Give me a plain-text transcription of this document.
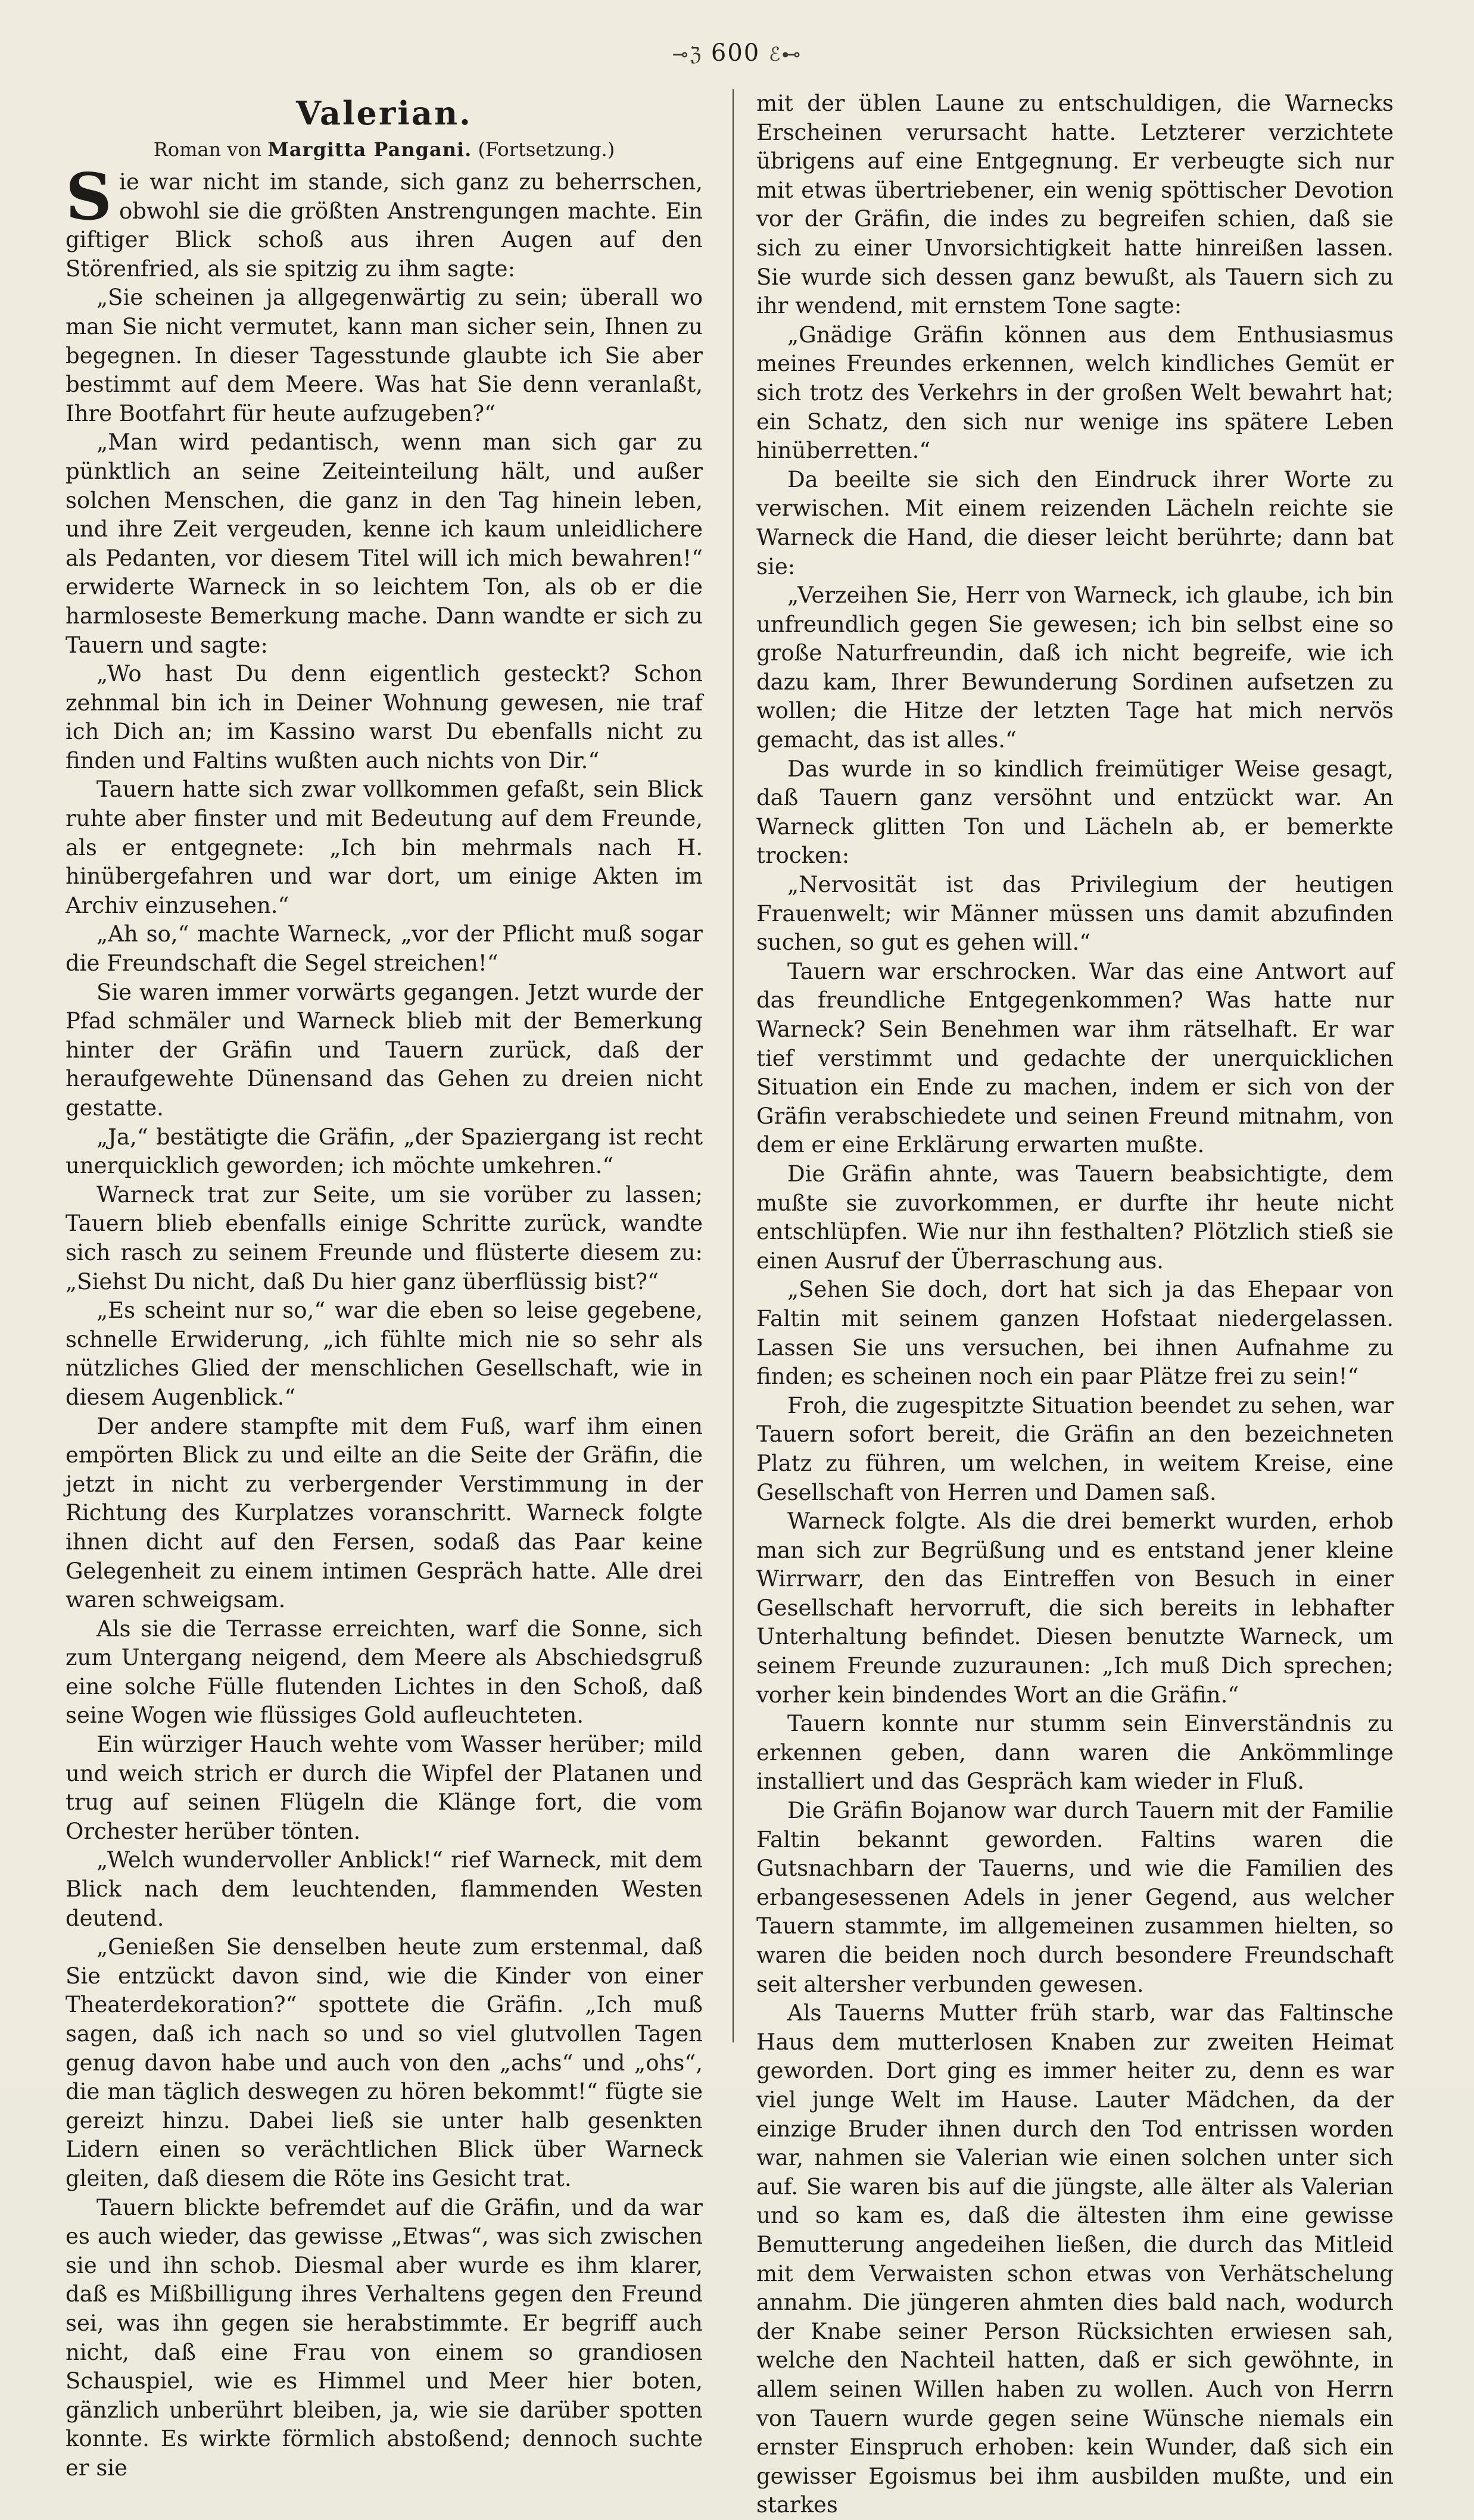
⊸ℨ 600 ℰ⊷
Valerian.
Roman von Margitta Pangani. (Fortsetzung.)

Sie war nicht im stande, sich ganz zu beherrschen, obwohl sie die größten Anstrengungen machte. Ein giftiger Blick schoß aus ihren Augen auf den Störenfried, als sie spitzig zu ihm sagte:

„Sie scheinen ja allgegenwärtig zu sein; überall wo man Sie nicht vermutet, kann man sicher sein, Ihnen zu begegnen. In dieser Tagesstunde glaubte ich Sie aber bestimmt auf dem Meere. Was hat Sie denn veranlaßt, Ihre Bootfahrt für heute aufzugeben?“

„Man wird pedantisch, wenn man sich gar zu pünktlich an seine Zeiteinteilung hält, und außer solchen Menschen, die ganz in den Tag hinein leben, und ihre Zeit vergeuden, kenne ich kaum unleidlichere als Pedanten, vor diesem Titel will ich mich bewahren!“ erwiderte Warneck in so leichtem Ton, als ob er die harmloseste Bemerkung mache. Dann wandte er sich zu Tauern und sagte:

„Wo hast Du denn eigentlich gesteckt? Schon zehnmal bin ich in Deiner Wohnung gewesen, nie traf ich Dich an; im Kassino warst Du ebenfalls nicht zu finden und Faltins wußten auch nichts von Dir.“

Tauern hatte sich zwar vollkommen gefaßt, sein Blick ruhte aber finster und mit Bedeutung auf dem Freunde, als er entgegnete: „Ich bin mehrmals nach H. hinübergefahren und war dort, um einige Akten im Archiv einzusehen.“

„Ah so,“ machte Warneck, „vor der Pflicht muß sogar die Freundschaft die Segel streichen!“

Sie waren immer vorwärts gegangen. Jetzt wurde der Pfad schmäler und Warneck blieb mit der Bemerkung hinter der Gräfin und Tauern zurück, daß der heraufgewehte Dünensand das Gehen zu dreien nicht gestatte.

„Ja,“ bestätigte die Gräfin, „der Spaziergang ist recht unerquicklich geworden; ich möchte umkehren.“

Warneck trat zur Seite, um sie vorüber zu lassen; Tauern blieb ebenfalls einige Schritte zurück, wandte sich rasch zu seinem Freunde und flüsterte diesem zu: „Siehst Du nicht, daß Du hier ganz überflüssig bist?“

„Es scheint nur so,“ war die eben so leise gegebene, schnelle Erwiderung, „ich fühlte mich nie so sehr als nützliches Glied der menschlichen Gesellschaft, wie in diesem Augenblick.“

Der andere stampfte mit dem Fuß, warf ihm einen empörten Blick zu und eilte an die Seite der Gräfin, die jetzt in nicht zu verbergender Verstimmung in der Richtung des Kurplatzes voranschritt. Warneck folgte ihnen dicht auf den Fersen, sodaß das Paar keine Gelegenheit zu einem intimen Gespräch hatte. Alle drei waren schweigsam.

Als sie die Terrasse erreichten, warf die Sonne, sich zum Untergang neigend, dem Meere als Abschiedsgruß eine solche Fülle flutenden Lichtes in den Schoß, daß seine Wogen wie flüssiges Gold aufleuchteten.

Ein würziger Hauch wehte vom Wasser herüber; mild und weich strich er durch die Wipfel der Platanen und trug auf seinen Flügeln die Klänge fort, die vom Orchester herüber tönten.

„Welch wundervoller Anblick!“ rief Warneck, mit dem Blick nach dem leuchtenden, flammenden Westen deutend.

„Genießen Sie denselben heute zum erstenmal, daß Sie entzückt davon sind, wie die Kinder von einer Theaterdekoration?“ spottete die Gräfin. „Ich muß sagen, daß ich nach so und so viel glutvollen Tagen genug davon habe und auch von den „achs“ und „ohs“, die man täglich deswegen zu hören bekommt!“ fügte sie gereizt hinzu. Dabei ließ sie unter halb gesenkten Lidern einen so verächtlichen Blick über Warneck gleiten, daß diesem die Röte ins Gesicht trat.

Tauern blickte befremdet auf die Gräfin, und da war es auch wieder, das gewisse „Etwas“, was sich zwischen sie und ihn schob. Diesmal aber wurde es ihm klarer, daß es Mißbilligung ihres Verhaltens gegen den Freund sei, was ihn gegen sie herabstimmte. Er begriff auch nicht, daß eine Frau von einem so grandiosen Schauspiel, wie es Himmel und Meer hier boten, gänzlich unberührt bleiben, ja, wie sie darüber spotten konnte. Es wirkte förmlich abstoßend; dennoch suchte er sie

mit der üblen Laune zu entschuldigen, die Warnecks Erscheinen verursacht hatte. Letzterer verzichtete übrigens auf eine Entgegnung. Er verbeugte sich nur mit etwas übertriebener, ein wenig spöttischer Devotion vor der Gräfin, die indes zu begreifen schien, daß sie sich zu einer Unvorsichtigkeit hatte hinreißen lassen. Sie wurde sich dessen ganz bewußt, als Tauern sich zu ihr wendend, mit ernstem Tone sagte:

„Gnädige Gräfin können aus dem Enthusiasmus meines Freundes erkennen, welch kindliches Gemüt er sich trotz des Verkehrs in der großen Welt bewahrt hat; ein Schatz, den sich nur wenige ins spätere Leben hinüberretten.“

Da beeilte sie sich den Eindruck ihrer Worte zu verwischen. Mit einem reizenden Lächeln reichte sie Warneck die Hand, die dieser leicht berührte; dann bat sie:

„Verzeihen Sie, Herr von Warneck, ich glaube, ich bin unfreundlich gegen Sie gewesen; ich bin selbst eine so große Naturfreundin, daß ich nicht begreife, wie ich dazu kam, Ihrer Bewunderung Sordinen aufsetzen zu wollen; die Hitze der letzten Tage hat mich nervös gemacht, das ist alles.“

Das wurde in so kindlich freimütiger Weise gesagt, daß Tauern ganz versöhnt und entzückt war. An Warneck glitten Ton und Lächeln ab, er bemerkte trocken:

„Nervosität ist das Privilegium der heutigen Frauenwelt; wir Männer müssen uns damit abzufinden suchen, so gut es gehen will.“

Tauern war erschrocken. War das eine Antwort auf das freundliche Entgegenkommen? Was hatte nur Warneck? Sein Benehmen war ihm rätselhaft. Er war tief verstimmt und gedachte der unerquicklichen Situation ein Ende zu machen, indem er sich von der Gräfin verabschiedete und seinen Freund mitnahm, von dem er eine Erklärung erwarten mußte.

Die Gräfin ahnte, was Tauern beabsichtigte, dem mußte sie zuvorkommen, er durfte ihr heute nicht entschlüpfen. Wie nur ihn festhalten? Plötzlich stieß sie einen Ausruf der Überraschung aus.

„Sehen Sie doch, dort hat sich ja das Ehepaar von Faltin mit seinem ganzen Hofstaat niedergelassen. Lassen Sie uns versuchen, bei ihnen Aufnahme zu finden; es scheinen noch ein paar Plätze frei zu sein!“

Froh, die zugespitzte Situation beendet zu sehen, war Tauern sofort bereit, die Gräfin an den bezeichneten Platz zu führen, um welchen, in weitem Kreise, eine Gesellschaft von Herren und Damen saß.

Warneck folgte. Als die drei bemerkt wurden, erhob man sich zur Begrüßung und es entstand jener kleine Wirrwarr, den das Eintreffen von Besuch in einer Gesellschaft hervorruft, die sich bereits in lebhafter Unterhaltung befindet. Diesen benutzte Warneck, um seinem Freunde zuzuraunen: „Ich muß Dich sprechen; vorher kein bindendes Wort an die Gräfin.“

Tauern konnte nur stumm sein Einverständnis zu erkennen geben, dann waren die Ankömmlinge installiert und das Gespräch kam wieder in Fluß.

Die Gräfin Bojanow war durch Tauern mit der Familie Faltin bekannt geworden. Faltins waren die Gutsnachbarn der Tauerns, und wie die Familien des erbangesessenen Adels in jener Gegend, aus welcher Tauern stammte, im allgemeinen zusammen hielten, so waren die beiden noch durch besondere Freundschaft seit altersher verbunden gewesen.

Als Tauerns Mutter früh starb, war das Faltinsche Haus dem mutterlosen Knaben zur zweiten Heimat geworden. Dort ging es immer heiter zu, denn es war viel junge Welt im Hause. Lauter Mädchen, da der einzige Bruder ihnen durch den Tod entrissen worden war, nahmen sie Valerian wie einen solchen unter sich auf. Sie waren bis auf die jüngste, alle älter als Valerian und so kam es, daß die ältesten ihm eine gewisse Bemutterung angedeihen ließen, die durch das Mitleid mit dem Verwaisten schon etwas von Verhätschelung annahm. Die jüngeren ahmten dies bald nach, wodurch der Knabe seiner Person Rücksichten erwiesen sah, welche den Nachteil hatten, daß er sich gewöhnte, in allem seinen Willen haben zu wollen. Auch von Herrn von Tauern wurde gegen seine Wünsche niemals ein ernster Einspruch erhoben: kein Wunder, daß sich ein gewisser Egoismus bei ihm ausbilden mußte, und ein starkes
